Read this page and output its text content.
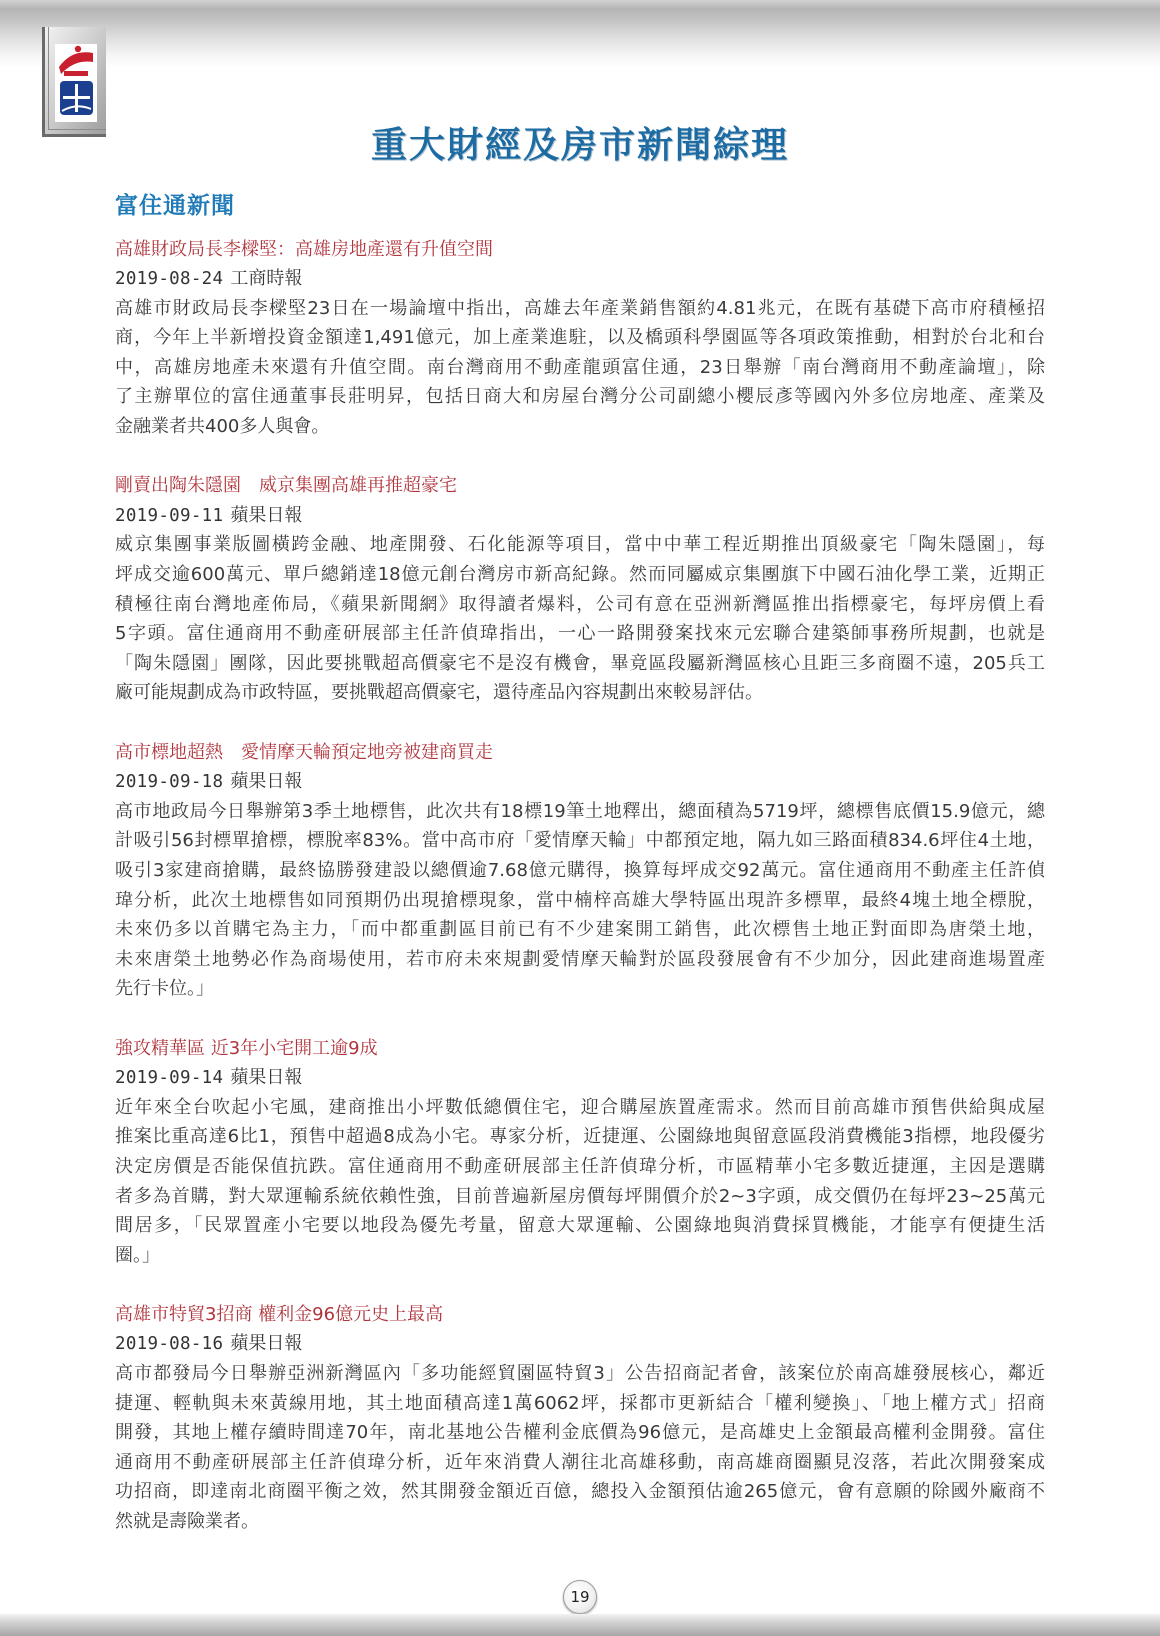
重大財經及房市新聞綜理
富住通新聞
高雄財政局長李樑堅：高雄房地產還有升值空間
2019-08-24 工商時報
高雄市財政局長李樑堅23日在一場論壇中指出，高雄去年產業銷售額約4.81兆元，在既有基礎下高市府積極招
商，今年上半新增投資金額達1,491億元，加上產業進駐，以及橋頭科學園區等各項政策推動，相對於台北和台
中，高雄房地產未來還有升值空間。南台灣商用不動產龍頭富住通，23日舉辦「南台灣商用不動產論壇」，除
了主辦單位的富住通董事長莊明昇，包括日商大和房屋台灣分公司副總小櫻辰彥等國內外多位房地產、產業及
金融業者共400多人與會。
剛賣出陶朱隱園　威京集團高雄再推超豪宅
2019-09-11 蘋果日報
威京集團事業版圖橫跨金融、地產開發、石化能源等項目，當中中華工程近期推出頂級豪宅「陶朱隱園」，每
坪成交逾600萬元、單戶總銷達18億元創台灣房市新高紀錄。然而同屬威京集團旗下中國石油化學工業，近期正
積極往南台灣地產佈局，《蘋果新聞網》取得讀者爆料，公司有意在亞洲新灣區推出指標豪宅，每坪房價上看
5字頭。富住通商用不動產研展部主任許偵瑋指出，一心一路開發案找來元宏聯合建築師事務所規劃，也就是
「陶朱隱園」團隊，因此要挑戰超高價豪宅不是沒有機會，畢竟區段屬新灣區核心且距三多商圈不遠，205兵工
廠可能規劃成為市政特區，要挑戰超高價豪宅，還待產品內容規劃出來較易評估。
高市標地超熱　愛情摩天輪預定地旁被建商買走
2019-09-18 蘋果日報
高市地政局今日舉辦第3季土地標售，此次共有18標19筆土地釋出，總面積為5719坪，總標售底價15.9億元，總
計吸引56封標單搶標，標脫率83%。當中高市府「愛情摩天輪」中都預定地，隔九如三路面積834.6坪住4土地，
吸引3家建商搶購，最終協勝發建設以總價逾7.68億元購得，換算每坪成交92萬元。富住通商用不動產主任許偵
瑋分析，此次土地標售如同預期仍出現搶標現象，當中楠梓高雄大學特區出現許多標單，最終4塊土地全標脫，
未來仍多以首購宅為主力，「而中都重劃區目前已有不少建案開工銷售，此次標售土地正對面即為唐榮土地，
未來唐榮土地勢必作為商場使用，若市府未來規劃愛情摩天輪對於區段發展會有不少加分，因此建商進場置產
先行卡位。」
強攻精華區 近3年小宅開工逾9成
2019-09-14 蘋果日報
近年來全台吹起小宅風，建商推出小坪數低總價住宅，迎合購屋族置產需求。然而目前高雄市預售供給與成屋
推案比重高達6比1，預售中超過8成為小宅。專家分析，近捷運、公園綠地與留意區段消費機能3指標，地段優劣
決定房價是否能保值抗跌。富住通商用不動產研展部主任許偵瑋分析，市區精華小宅多數近捷運，主因是選購
者多為首購，對大眾運輸系統依賴性強，目前普遍新屋房價每坪開價介於2~3字頭，成交價仍在每坪23~25萬元
間居多，「民眾置產小宅要以地段為優先考量，留意大眾運輸、公園綠地與消費採買機能，才能享有便捷生活
圈。」
高雄市特貿3招商 權利金96億元史上最高
2019-08-16 蘋果日報
高市都發局今日舉辦亞洲新灣區內「多功能經貿園區特貿3」公告招商記者會，該案位於南高雄發展核心，鄰近
捷運、輕軌與未來黃線用地，其土地面積高達1萬6062坪，採都市更新結合「權利變換」、「地上權方式」招商
開發，其地上權存續時間達70年，南北基地公告權利金底價為96億元，是高雄史上金額最高權利金開發。富住
通商用不動產研展部主任許偵瑋分析，近年來消費人潮往北高雄移動，南高雄商圈顯見沒落，若此次開發案成
功招商，即達南北商圈平衡之效，然其開發金額近百億，總投入金額預估逾265億元，會有意願的除國外廠商不
然就是壽險業者。
19
